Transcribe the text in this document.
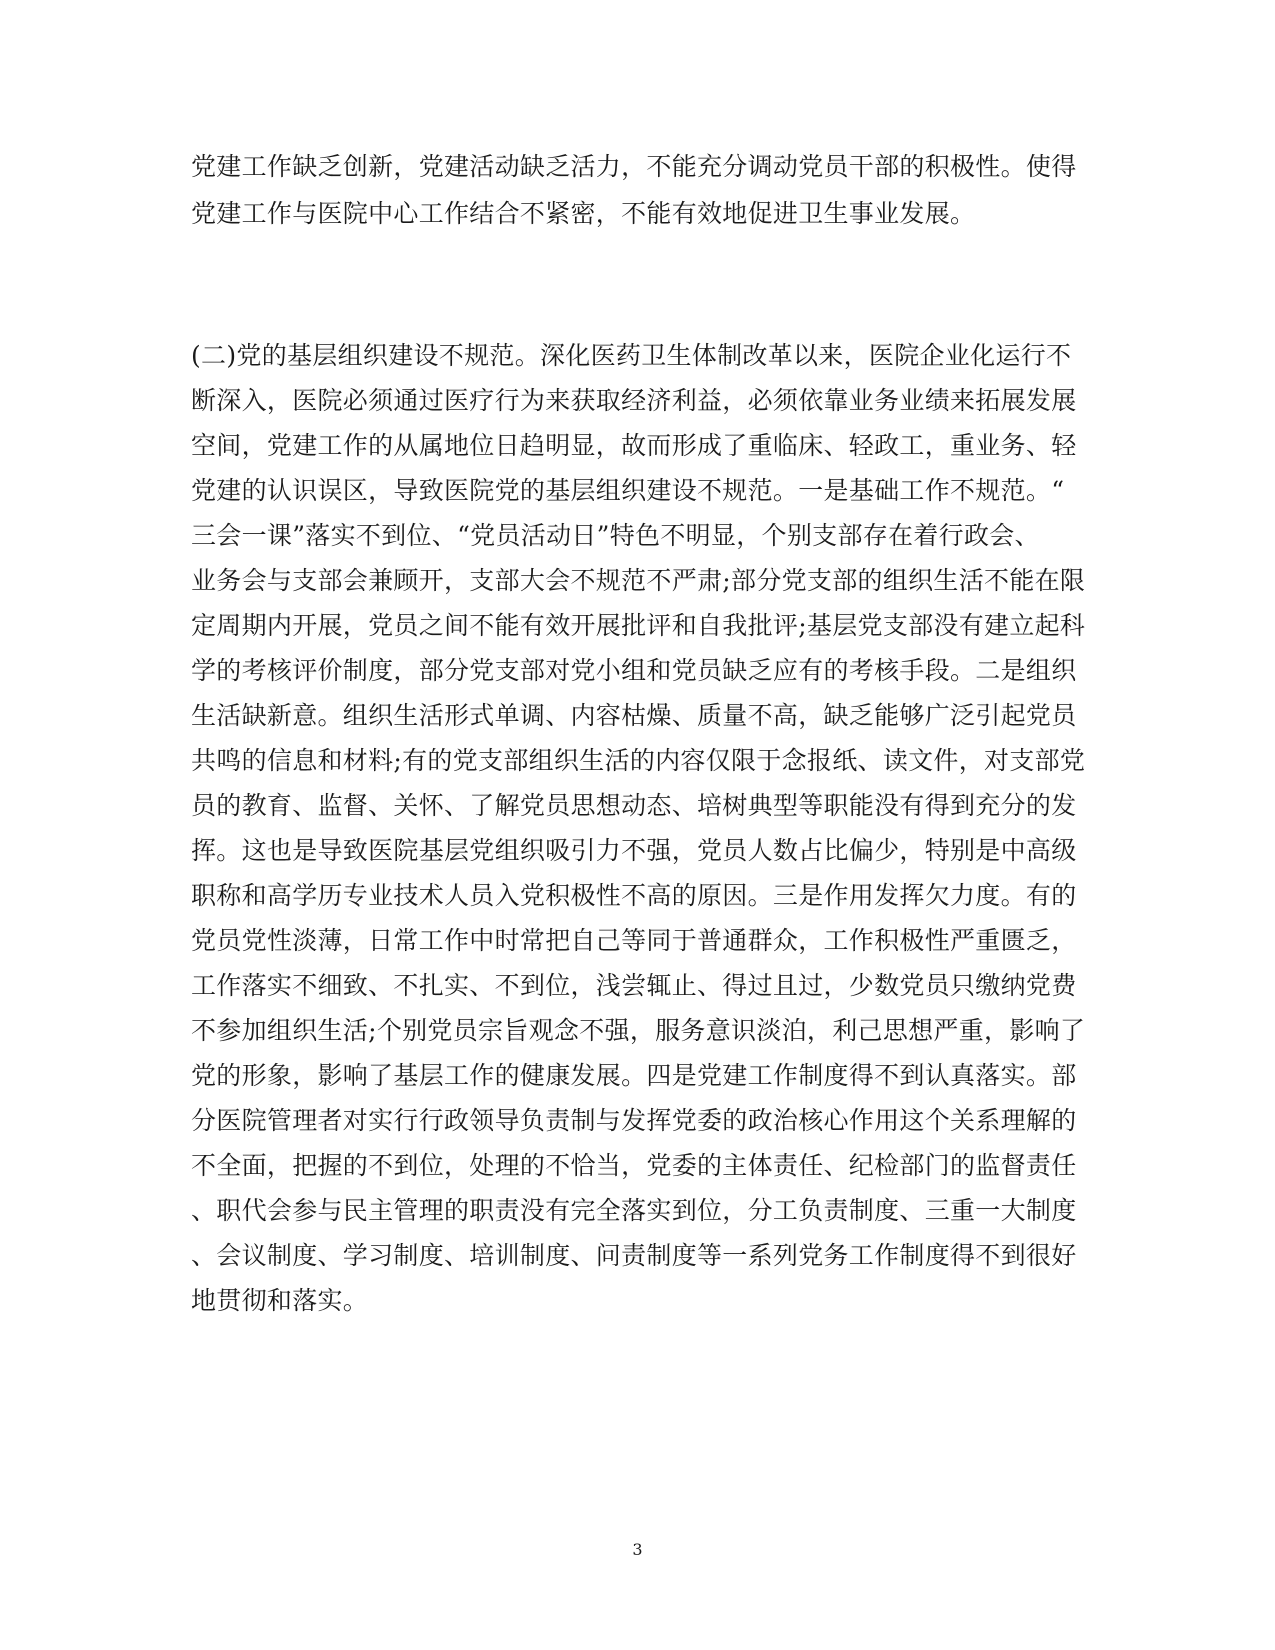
党建工作缺乏创新，党建活动缺乏活力，不能充分调动党员干部的积极性。使得
党建工作与医院中心工作结合不紧密，不能有效地促进卫生事业发展。
(二)党的基层组织建设不规范。深化医药卫生体制改革以来，医院企业化运行不
断深入，医院必须通过医疗行为来获取经济利益，必须依靠业务业绩来拓展发展
空间，党建工作的从属地位日趋明显，故而形成了重临床、轻政工，重业务、轻
党建的认识误区，导致医院党的基层组织建设不规范。一是基础工作不规范。“
三会一课”落实不到位、“党员活动日”特色不明显，个别支部存在着行政会、
业务会与支部会兼顾开，支部大会不规范不严肃;部分党支部的组织生活不能在限
定周期内开展，党员之间不能有效开展批评和自我批评;基层党支部没有建立起科
学的考核评价制度，部分党支部对党小组和党员缺乏应有的考核手段。二是组织
生活缺新意。组织生活形式单调、内容枯燥、质量不高，缺乏能够广泛引起党员
共鸣的信息和材料;有的党支部组织生活的内容仅限于念报纸、读文件，对支部党
员的教育、监督、关怀、了解党员思想动态、培树典型等职能没有得到充分的发
挥。这也是导致医院基层党组织吸引力不强，党员人数占比偏少，特别是中高级
职称和高学历专业技术人员入党积极性不高的原因。三是作用发挥欠力度。有的
党员党性淡薄，日常工作中时常把自己等同于普通群众，工作积极性严重匮乏，
工作落实不细致、不扎实、不到位，浅尝辄止、得过且过，少数党员只缴纳党费
不参加组织生活;个别党员宗旨观念不强，服务意识淡泊，利己思想严重，影响了
党的形象，影响了基层工作的健康发展。四是党建工作制度得不到认真落实。部
分医院管理者对实行行政领导负责制与发挥党委的政治核心作用这个关系理解的
不全面，把握的不到位，处理的不恰当，党委的主体责任、纪检部门的监督责任
、职代会参与民主管理的职责没有完全落实到位，分工负责制度、三重一大制度
、会议制度、学习制度、培训制度、问责制度等一系列党务工作制度得不到很好
地贯彻和落实。
3
